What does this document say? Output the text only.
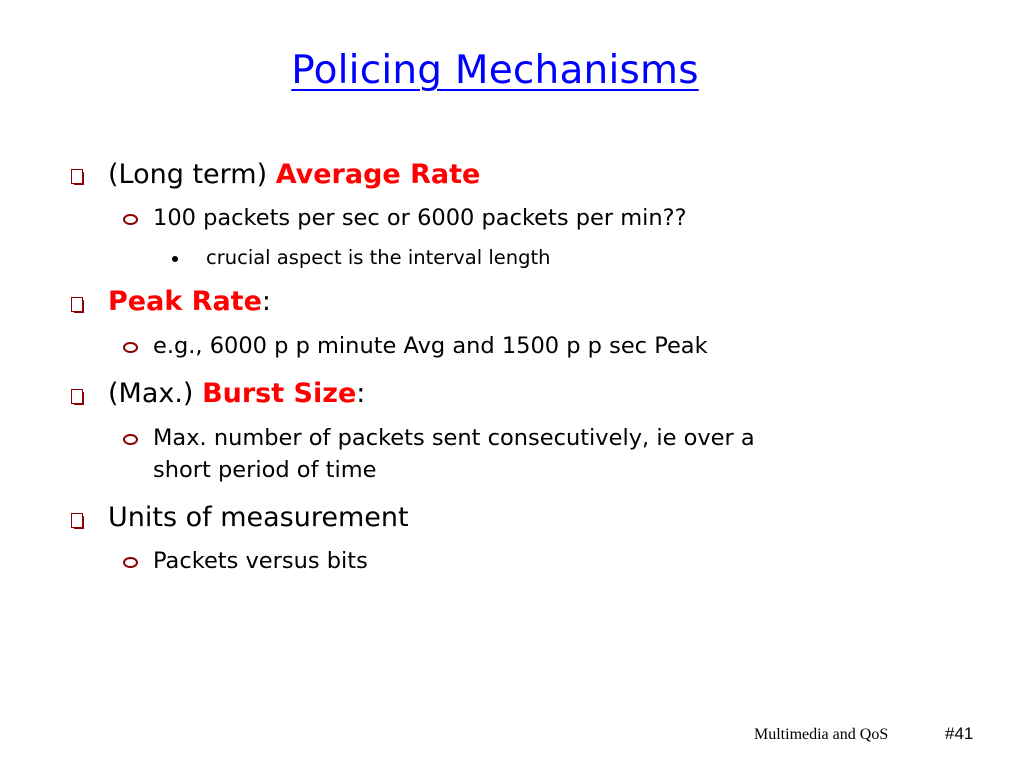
Policing Mechanisms
(Long term) Average Rate
100 packets per sec or 6000 packets per min??
crucial aspect is the interval length
Peak Rate:
e.g., 6000 p p minute Avg and 1500 p p sec Peak
(Max.) Burst Size:
Max. number of packets sent consecutively, ie over a
short period of time
Units of measurement
Packets versus bits
Multimedia and QoS	#41
